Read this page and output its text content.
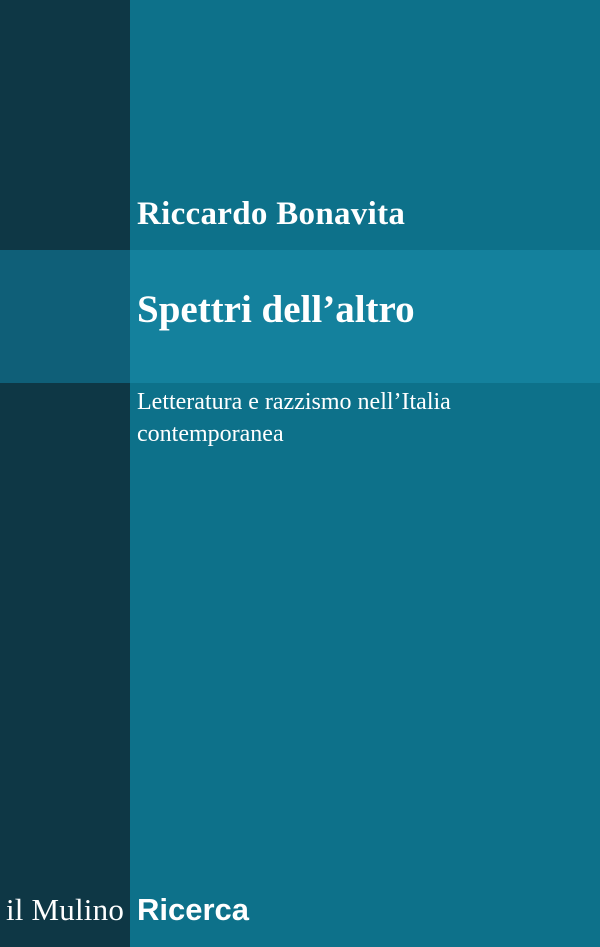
Riccardo Bonavita
Spettri dell’altro
Letteratura e razzismo nell’Italia contemporanea
il Mulino Ricerca
